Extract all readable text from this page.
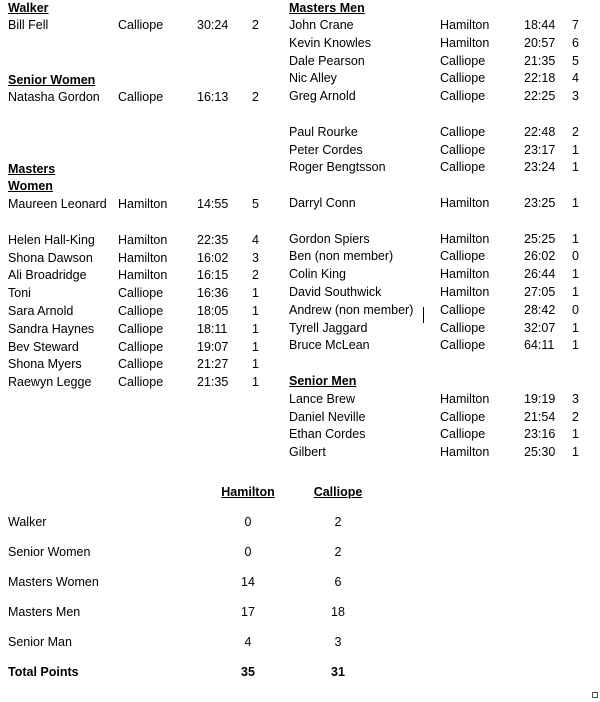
Walker
Bill Fell	Calliope	30:24 2
Senior Women
Natasha Gordon	Calliope	16:13 2
Masters Women
Maureen Leonard Hamilton 14:55 5
Helen Hall-King Hamilton 22:35 4
Shona Dawson Hamilton 16:02 3
Ali Broadridge	Hamilton 16:15 2
Toni	Calliope	16:36 1
Sara Arnold	Calliope	18:05 1
Sandra Haynes Calliope	18:11 1
Bev Steward	Calliope	19:07 1
Shona Myers	Calliope	21:27 1
Raewyn Legge Calliope	21:35 1
Masters Men
John Crane	Hamilton	18:44 7
Kevin Knowles	Hamilton	20:57 6
Dale Pearson	Calliope	21:35 5
Nic Alley	Calliope	22:18 4
Greg Arnold	Calliope	22:25 3
Paul Rourke	Calliope	22:48 2
Peter Cordes	Calliope	23:17 1
Roger Bengtsson	Calliope	23:24 1
Darryl Conn	Hamilton	23:25 1
Gordon Spiers	Hamilton	25:25 1
Ben (non member)	Calliope	26:02 0
Colin King	Hamilton	26:44 1
David Southwick	Hamilton	27:05 1
Andrew (non member) Calliope	28:42 0
Tyrell Jaggard	Calliope	32:07 1
Bruce McLean	Calliope	64:11 1
Senior Men
Lance Brew	Hamilton	19:19 3
Daniel Neville	Calliope	21:54 2
Ethan Cordes	Calliope	23:16 1
Gilbert	Hamilton	25:30 1
Hamilton	Calliope
Walker	0	2
Senior Women	0	2
Masters Women	14	6
Masters Men	17	18
Senior Man	4	3
Total Points	35	31
